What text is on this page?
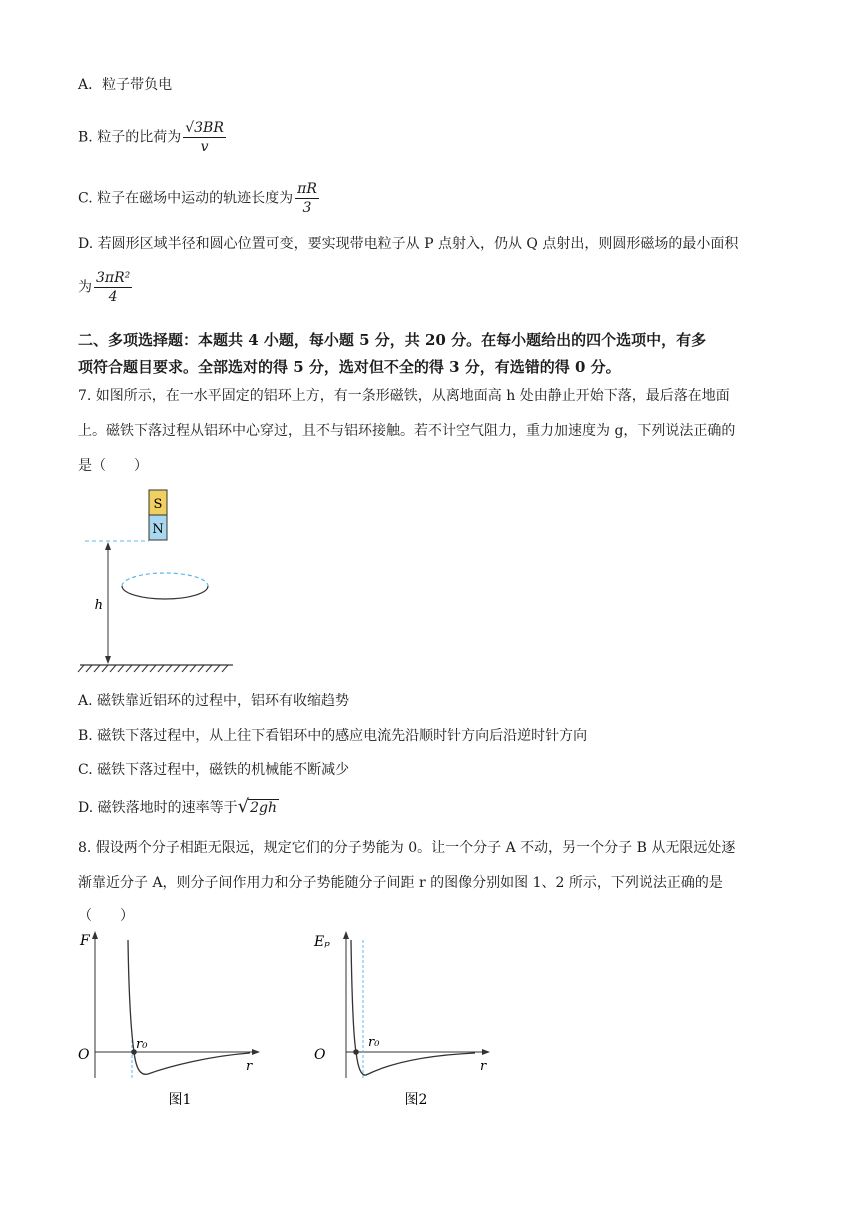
A．粒子带负电
B. 粒子的比荷为 $\frac{√3BR}{v}$
C. 粒子在磁场中运动的轨迹长度为 $\frac{\pi R}{3}$
D. 若圆形区域半径和圆心位置可变，要实现带电粒子从 P 点射入，仍从 Q 点射出，则圆形磁场的最小面积
为 $\frac{\text{3πR²}}{4}$
二、多项选择题：本题共 4 小题，每小题 5 分，共 20 分。在每小题给出的四个选项中，有多
项符合题目要求。全部选对的得 5 分，选对但不全的得 3 分，有选错的得 0 分。
7. 如图所示，在一水平固定的铝环上方，有一条形磁铁，从离地面高 h 处由静止开始下落，最后落在地面
上。磁铁下落过程从铝环中心穿过，且不与铝环接触。若不计空气阻力，重力加速度为 g，下列说法正确的
是（　　）
S
N
h
A. 磁铁靠近铝环的过程中，铝环有收缩趋势
B. 磁铁下落过程中，从上往下看铝环中的感应电流先沿顺时针方向后沿逆时针方向
C. 磁铁下落过程中，磁铁的机械能不断减少
D. 磁铁落地时的速率等于√2gh
8. 假设两个分子相距无限远，规定它们的分子势能为 0。让一个分子 A 不动，另一个分子 B 从无限远处逐
渐靠近分子 A，则分子间作用力和分子势能随分子间距 r 的图像分别如图 1、2 所示，下列说法正确的是
（　　）
F
O
r
r₀
图1
Eₚ
O
r
r₀
图2
